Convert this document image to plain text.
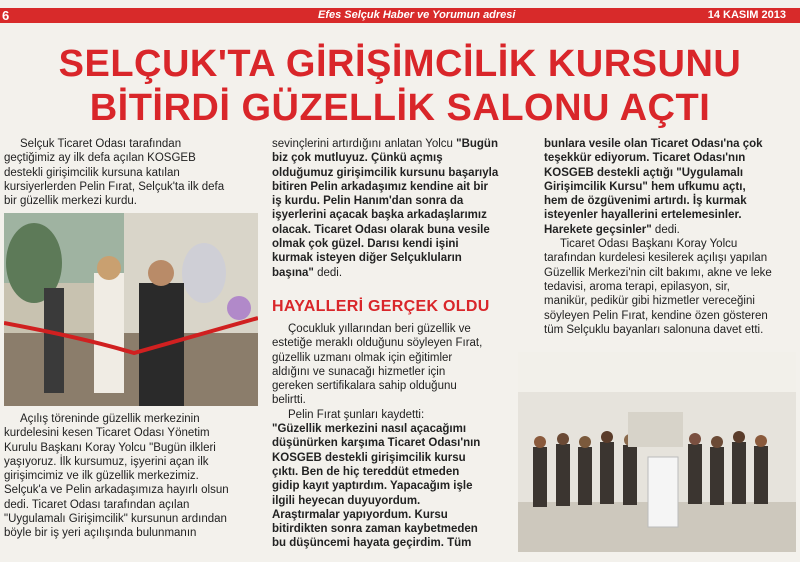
6	Efes Selçuk Haber ve Yorumun adresi	14 KASIM 2013
SELÇUK'TA GİRİŞİMCİLİK KURSUNU
BİTİRDİ GÜZELLİK SALONU AÇTI

Selçuk Ticaret Odası tarafından

geçtiğimiz ay ilk defa açılan KOSGEB

destekli girişimcilik kursuna katılan

kursiyerlerden Pelin Fırat, Selçuk'ta ilk defa

bir güzellik merkezi kurdu.

Açılış töreninde güzellik merkezinin

kurdelesini kesen Ticaret Odası Yönetim

Kurulu Başkanı Koray Yolcu "Bugün ilkleri

yaşıyoruz. İlk kursumuz, işyerini açan ilk

girişimcimiz ve ilk güzellik merkezimiz.

Selçuk'a ve Pelin arkadaşımıza hayırlı olsun

dedi. Ticaret Odası tarafından açılan

"Uygulamalı Girişimcilik" kursunun ardından

böyle bir iş yeri açılışında bulunmanın

sevinçlerini artırdığını anlatan Yolcu "Bugün

biz çok mutluyuz. Çünkü açmış

olduğumuz girişimcilik kursunu başarıyla

bitiren Pelin arkadaşımız kendine ait bir

iş kurdu. Pelin Hanım'dan sonra da

işyerlerini açacak başka arkadaşlarımız

olacak. Ticaret Odası olarak buna vesile

olmak çok güzel. Darısı kendi işini

kurmak isteyen diğer Selçukluların

başına" dedi.

HAYALLERİ GERÇEK OLDU

Çocukluk yıllarından beri güzellik ve

estetiğe meraklı olduğunu söyleyen Fırat,

güzellik uzmanı olmak için eğitimler

aldığını ve sunacağı hizmetler için

gereken sertifikalara sahip olduğunu

belirtti.

Pelin Fırat şunları kaydetti:

"Güzellik merkezini nasıl açacağımı

düşünürken karşıma Ticaret Odası'nın

KOSGEB destekli girişimcilik kursu

çıktı. Ben de hiç tereddüt etmeden

gidip kayıt yaptırdım. Yapacağım işle

ilgili heyecan duyuyordum.

Araştırmalar yapıyordum. Kursu

bitirdikten sonra zaman kaybetmeden

bu düşüncemi hayata geçirdim. Tüm

bunlara vesile olan Ticaret Odası'na çok

teşekkür ediyorum. Ticaret Odası'nın

KOSGEB destekli açtığı "Uygulamalı

Girişimcilik Kursu" hem ufkumu açtı,

hem de özgüvenimi artırdı. İş kurmak

isteyenler hayallerini ertelemesinler.

Harekete geçsinler" dedi.

Ticaret Odası Başkanı Koray Yolcu

tarafından kurdelesi kesilerek açılışı yapılan

Güzellik Merkezi'nin cilt bakımı, akne ve leke

tedavisi, aroma terapi, epilasyon, sir,

manikür, pedikür gibi hizmetler vereceğini

söyleyen Pelin Fırat, kendine özen gösteren

tüm Selçuklu bayanları salonuna davet etti.
